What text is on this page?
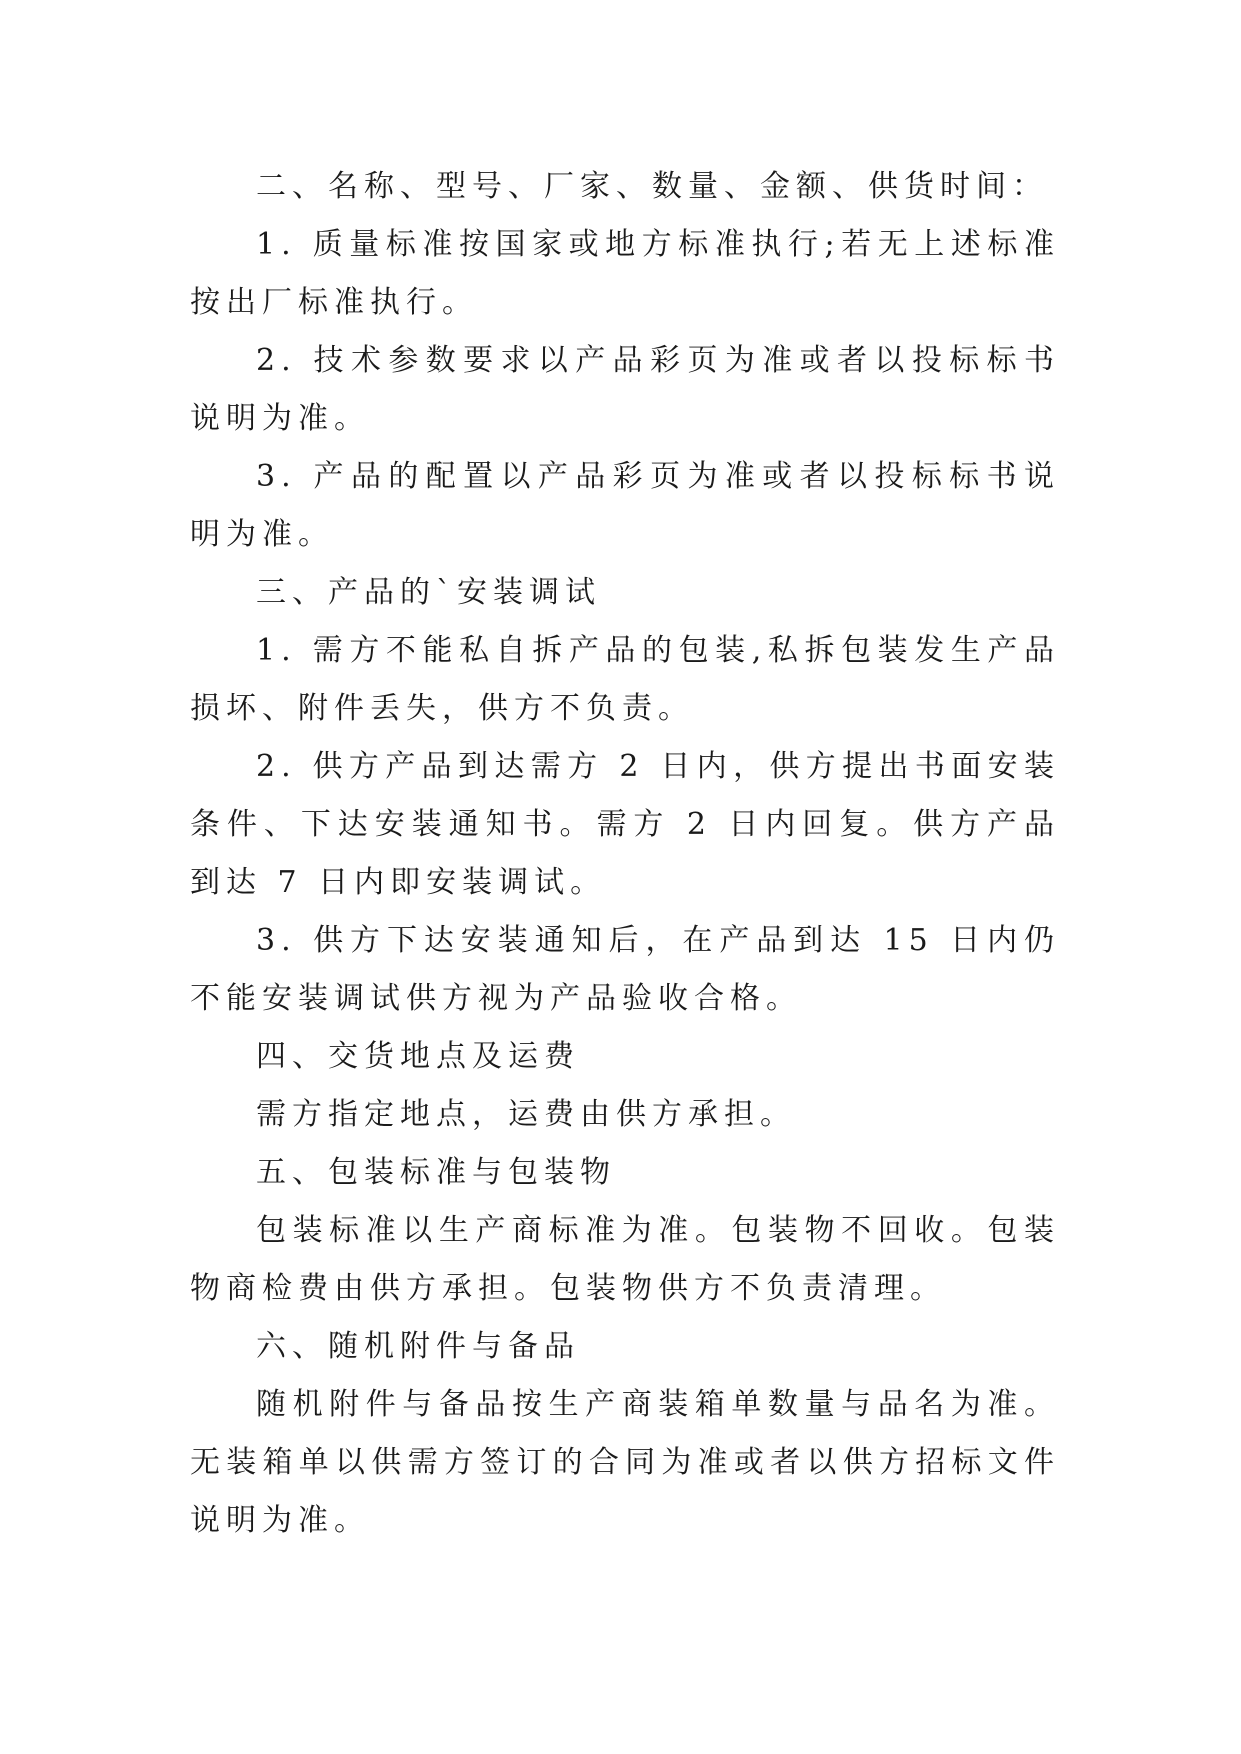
二、名称、型号、厂家、数量、金额、供货时间：

1. 质量标准按国家或地方标准执行;若无上述标准按出厂标准执行。

2. 技术参数要求以产品彩页为准或者以投标标书说明为准。

3. 产品的配置以产品彩页为准或者以投标标书说明为准。

三、产品的`安装调试

1. 需方不能私自拆产品的包装,私拆包装发生产品损坏、附件丢失，供方不负责。

2. 供方产品到达需方 2 日内，供方提出书面安装条件、下达安装通知书。需方 2 日内回复。供方产品到达 7 日内即安装调试。

3. 供方下达安装通知后，在产品到达 15 日内仍不能安装调试供方视为产品验收合格。

四、交货地点及运费

需方指定地点，运费由供方承担。

五、包装标准与包装物

包装标准以生产商标准为准。包装物不回收。包装物商检费由供方承担。包装物供方不负责清理。

六、随机附件与备品

随机附件与备品按生产商装箱单数量与品名为准。无装箱单以供需方签订的合同为准或者以供方招标文件说明为准。
